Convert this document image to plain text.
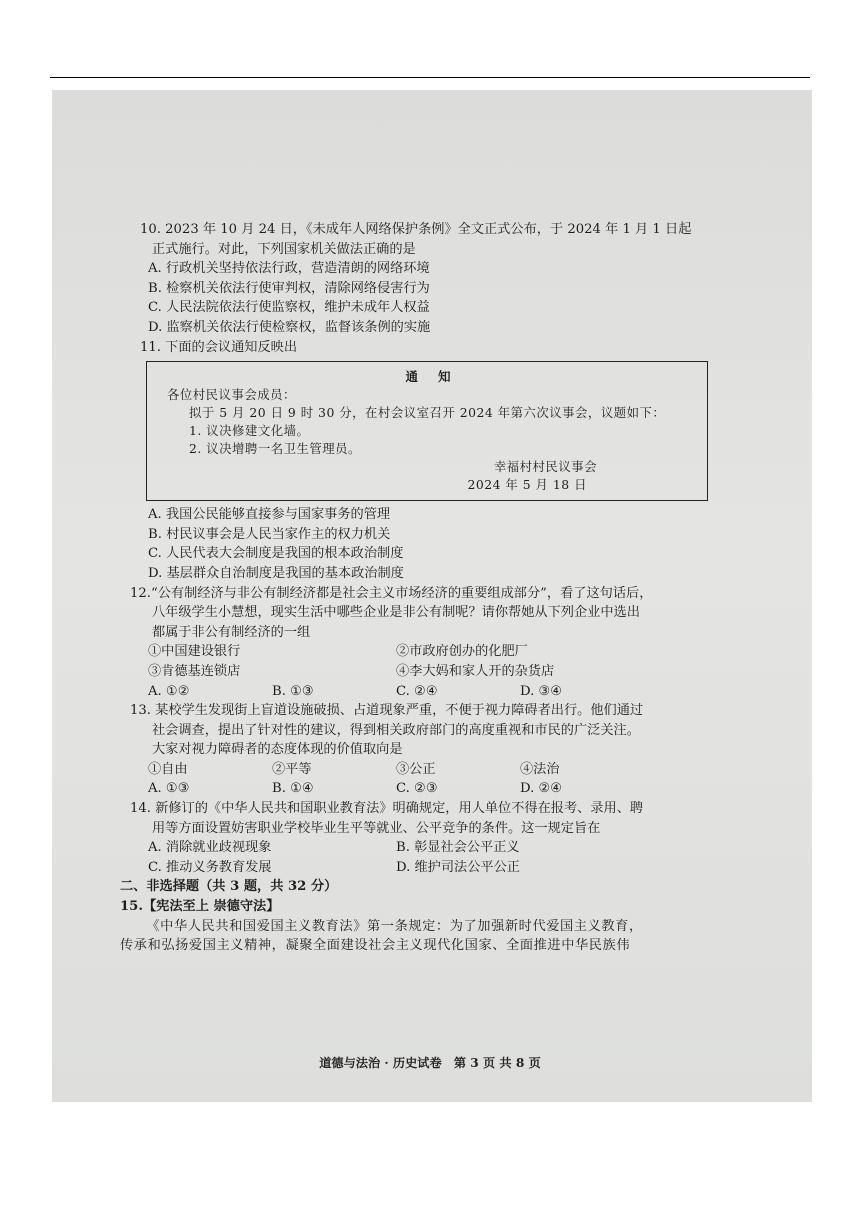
10. 2023 年 10 月 24 日，《未成年人网络保护条例》全文正式公布，于 2024 年 1 月 1 日起
正式施行。对此，下列国家机关做法正确的是
A. 行政机关坚持依法行政，营造清朗的网络环境
B. 检察机关依法行使审判权，清除网络侵害行为
C. 人民法院依法行使监察权，维护未成年人权益
D. 监察机关依法行使检察权，监督该条例的实施
11. 下面的会议通知反映出
通 知
各位村民议事会成员：
拟于 5 月 20 日 9 时 30 分，在村会议室召开 2024 年第六次议事会，议题如下：
1. 议决修建文化墙。
2. 议决增聘一名卫生管理员。
幸福村村民议事会
2024 年 5 月 18 日
A. 我国公民能够直接参与国家事务的管理
B. 村民议事会是人民当家作主的权力机关
C. 人民代表大会制度是我国的根本政治制度
D. 基层群众自治制度是我国的基本政治制度
12.“公有制经济与非公有制经济都是社会主义市场经济的重要组成部分”，看了这句话后，
八年级学生小慧想，现实生活中哪些企业是非公有制呢？请你帮她从下列企业中选出
都属于非公有制经济的一组
①中国建设银行	②市政府创办的化肥厂
③肯德基连锁店	④李大妈和家人开的杂货店
A. ①②	B. ①③	C. ②④	D. ③④
13. 某校学生发现街上盲道设施破损、占道现象严重，不便于视力障碍者出行。他们通过
社会调查，提出了针对性的建议，得到相关政府部门的高度重视和市民的广泛关注。
大家对视力障碍者的态度体现的价值取向是
①自由	②平等	③公正	④法治
A. ①③	B. ①④	C. ②③	D. ②④
14. 新修订的《中华人民共和国职业教育法》明确规定，用人单位不得在报考、录用、聘
用等方面设置妨害职业学校毕业生平等就业、公平竞争的条件。这一规定旨在
A. 消除就业歧视现象	B. 彰显社会公平正义
C. 推动义务教育发展	D. 维护司法公平公正
二、非选择题（共 3 题，共 32 分）
15.【宪法至上 崇德守法】
《中华人民共和国爱国主义教育法》第一条规定：为了加强新时代爱国主义教育，
传承和弘扬爱国主义精神，凝聚全面建设社会主义现代化国家、全面推进中华民族伟
道德与法治 · 历史试卷　第 3 页 共 8 页
